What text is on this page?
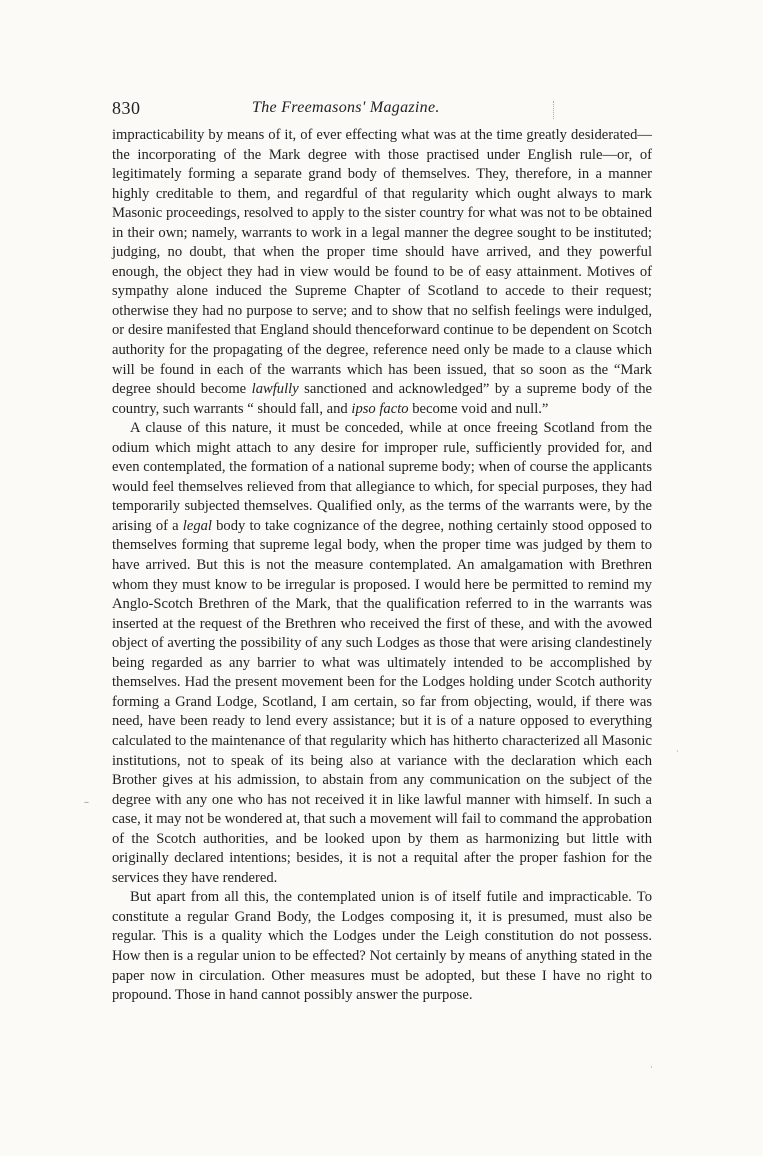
830	The Freemasons' Magazine.

impracticability by means of it, of ever effecting what was at the time greatly desiderated—the incorporating of the Mark degree with those practised under English rule—or, of legitimately forming a separate grand body of themselves. They, therefore, in a manner highly creditable to them, and regardful of that regularity which ought always to mark Masonic proceedings, resolved to apply to the sister country for what was not to be obtained in their own; namely, warrants to work in a legal manner the degree sought to be instituted; judging, no doubt, that when the proper time should have arrived, and they powerful enough, the object they had in view would be found to be of easy attainment. Motives of sympathy alone induced the Supreme Chapter of Scotland to accede to their request; otherwise they had no purpose to serve; and to show that no selfish feelings were indulged, or desire manifested that England should thenceforward continue to be dependent on Scotch authority for the propagating of the degree, reference need only be made to a clause which will be found in each of the warrants which has been issued, that so soon as the “Mark degree should become lawfully sanctioned and acknowledged” by a supreme body of the country, such warrants “ should fall, and ipso facto become void and null.”

A clause of this nature, it must be conceded, while at once freeing Scotland from the odium which might attach to any desire for improper rule, sufficiently provided for, and even contemplated, the formation of a national supreme body; when of course the applicants would feel themselves relieved from that allegiance to which, for special purposes, they had temporarily subjected themselves. Qualified only, as the terms of the warrants were, by the arising of a legal body to take cognizance of the degree, nothing certainly stood opposed to themselves forming that supreme legal body, when the proper time was judged by them to have arrived. But this is not the measure contemplated. An amalgamation with Brethren whom they must know to be irregular is proposed. I would here be permitted to remind my Anglo-Scotch Brethren of the Mark, that the qualification referred to in the warrants was inserted at the request of the Brethren who received the first of these, and with the avowed object of averting the possibility of any such Lodges as those that were arising clandestinely being regarded as any barrier to what was ultimately intended to be accomplished by themselves. Had the present movement been for the Lodges holding under Scotch authority forming a Grand Lodge, Scotland, I am certain, so far from objecting, would, if there was need, have been ready to lend every assistance; but it is of a nature opposed to everything calculated to the maintenance of that regularity which has hitherto characterized all Masonic institutions, not to speak of its being also at variance with the declaration which each Brother gives at his admission, to abstain from any communication on the subject of the degree with any one who has not received it in like lawful manner with himself. In such a case, it may not be wondered at, that such a movement will fail to command the approbation of the Scotch authorities, and be looked upon by them as harmonizing but little with originally declared intentions; besides, it is not a requital after the proper fashion for the services they have rendered.

But apart from all this, the contemplated union is of itself futile and impracticable. To constitute a regular Grand Body, the Lodges composing it, it is presumed, must also be regular. This is a quality which the Lodges under the Leigh constitution do not possess. How then is a regular union to be effected? Not certainly by means of anything stated in the paper now in circulation. Other measures must be adopted, but these I have no right to propound. Those in hand cannot possibly answer the purpose.

·
–
·
